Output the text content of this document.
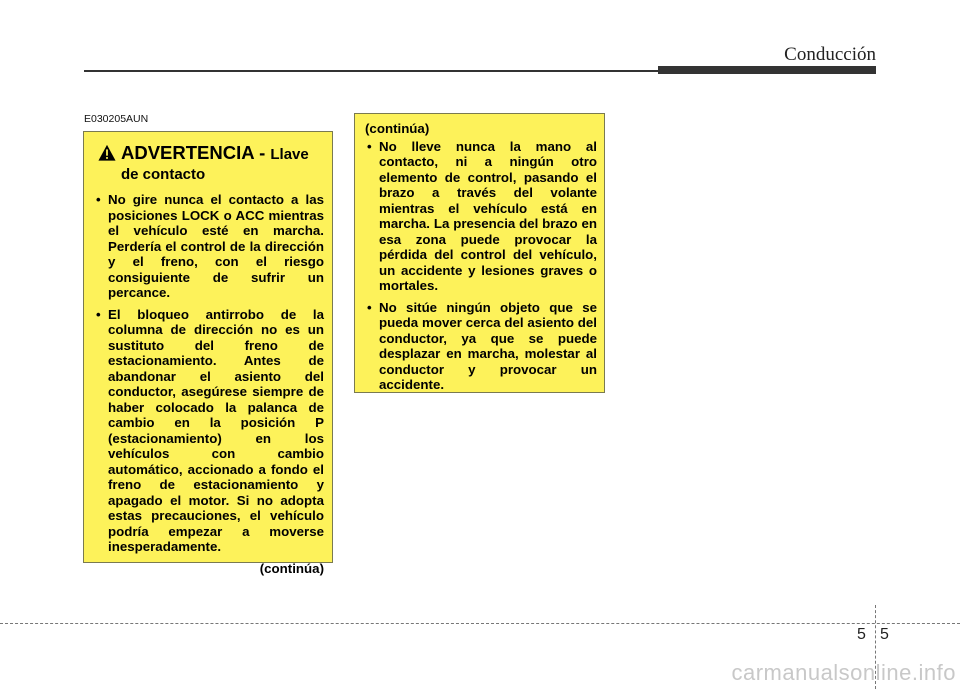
Conducción
E030205AUN
ADVERTENCIA - Llave
de contacto
• No gire nunca el contacto a las posiciones LOCK o ACC mientras el vehículo esté en marcha. Perdería el control de la dirección y el freno, con el riesgo consiguiente de sufrir un percance.
• El bloqueo antirrobo de la columna de dirección no es un sustituto del freno de estacionamiento. Antes de abandonar el asiento del conductor, asegúrese siempre de haber colocado la palanca de cambio en la posición P (estacionamiento) en los vehículos con cambio automático, accionado a fondo el freno de estacionamiento y apagado el motor. Si no adopta estas precauciones, el vehículo podría empezar a moverse inesperadamente.
(continúa)
(continúa)
• No lleve nunca la mano al contacto, ni a ningún otro elemento de control, pasando el brazo a través del volante mientras el vehículo está en marcha. La presencia del brazo en esa zona puede provocar la pérdida del control del vehículo, un accidente y lesiones graves o mortales.
• No sitúe ningún objeto que se pueda mover cerca del asiento del conductor, ya que se puede desplazar en marcha, molestar al conductor y provocar un accidente.
5 5
carmanualsonline.info
